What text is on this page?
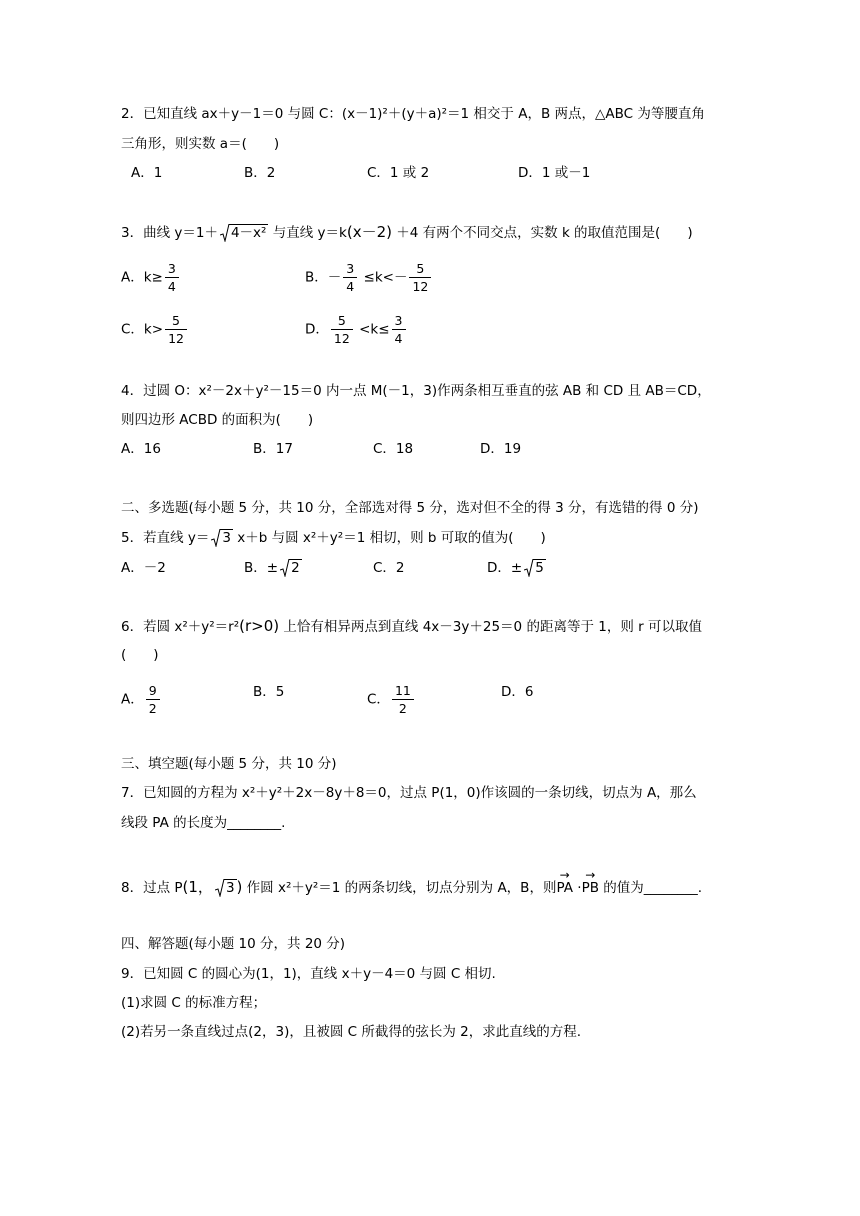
2．已知直线 ax＋y－1＝0 与圆 C：(x－1)²＋(y＋a)²＝1 相交于 A，B 两点，△ABC 为等腰直角
三角形，则实数 a＝(　　)
A．1	B．2	C．1 或 2	D．1 或－1
3．曲线 y＝1＋ 4－x² 与直线 y＝k(x－2) ＋4 有两个不同交点，实数 k 的取值范围是(　　)
A．$k\ge \frac{3}{4}$	B．－ $\frac{3}{4} \le k<- \frac{5}{12}$
C．$k> \frac{5}{12}$	D． $\frac{5}{12} <k\le \frac{3}{4}$
4．过圆 O：x²－2x＋y²－15＝0 内一点 M(－1，3)作两条相互垂直的弦 AB 和 CD 且 AB＝CD，
则四边形 ACBD 的面积为(　　)
A．16	B．17	C．18	D．19
二、多选题(每小题 5 分，共 10 分，全部选对得 5 分，选对但不全的得 3 分，有选错的得 0 分)
5．若直线 y＝ 3 x＋b 与圆 x²＋y²＝1 相切，则 b 可取的值为(　　)
A．－2	B．± 2	C．2	D．± 5
6．若圆 x²＋y²＝r²(r>0) 上恰有相异两点到直线 4x－3y＋25＝0 的距离等于 1，则 r 可以取值
(　　)
A． $\frac{9}{2}$	B．5	C． $\frac{11}{2}$	D．6
三、填空题(每小题 5 分，共 10 分)
7．已知圆的方程为 x²＋y²＋2x－8y＋8＝0，过点 P(1，0)作该圆的一条切线，切点为 A，那么
线段 PA 的长度为________.
8．过点 P(1， 3 ) 作圆 x²＋y²＝1 的两条切线，切点分别为 A，B，则
→
PA ·
→
PB 的值为________.
四、解答题(每小题 10 分，共 20 分)
9．已知圆 C 的圆心为(1，1)，直线 x＋y－4＝0 与圆 C 相切.
(1)求圆 C 的标准方程；
(2)若另一条直线过点(2，3)，且被圆 C 所截得的弦长为 2，求此直线的方程.
